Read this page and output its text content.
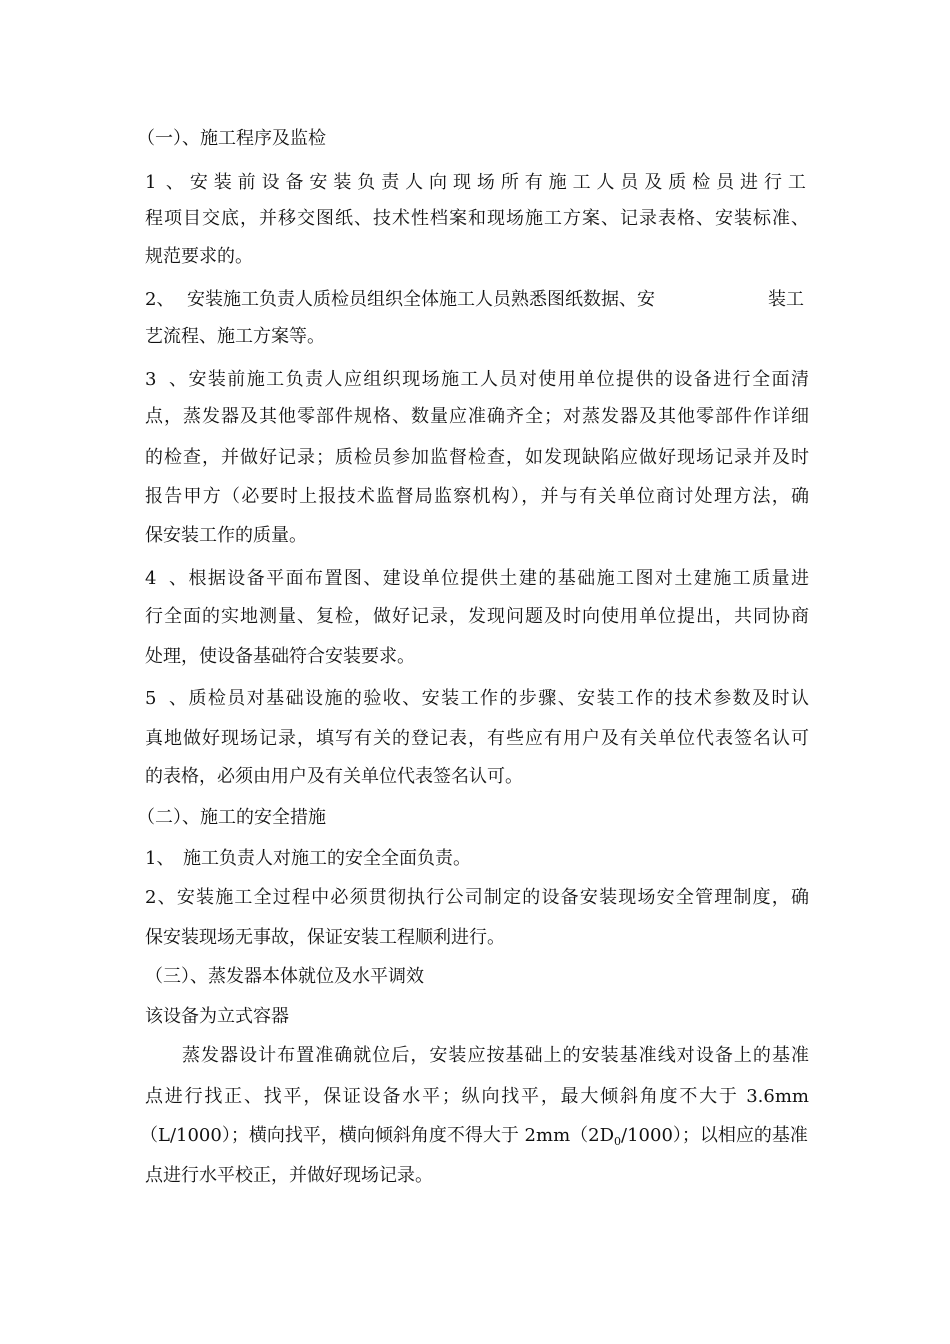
（一）、施工程序及监检
1、安装前设备安装负责人向现场所有施工人员及质检员进行工
程项目交底，并移交图纸、技术性档案和现场施工方案、记录表格、安装标准、
规范要求的。
2、 安装施工负责人质检员组织全体施工人员熟悉图纸数据、安	装工
艺流程、施工方案等。
3、安装前施工负责人应组织现场施工人员对使用单位提供的设备进行全面清
点，蒸发器及其他零部件规格、数量应准确齐全；对蒸发器及其他零部件作详细
的检查，并做好记录；质检员参加监督检查，如发现缺陷应做好现场记录并及时
报告甲方（必要时上报技术监督局监察机构），并与有关单位商讨处理方法，确
保安装工作的质量。
4、根据设备平面布置图、建设单位提供土建的基础施工图对土建施工质量进
行全面的实地测量、复检，做好记录，发现问题及时向使用单位提出，共同协商
处理，使设备基础符合安装要求。
5、质检员对基础设施的验收、安装工作的步骤、安装工作的技术参数及时认
真地做好现场记录，填写有关的登记表，有些应有用户及有关单位代表签名认可
的表格，必须由用户及有关单位代表签名认可。
（二）、施工的安全措施
1、 施工负责人对施工的安全全面负责。
2、安装施工全过程中必须贯彻执行公司制定的设备安装现场安全管理制度，确
保安装现场无事故，保证安装工程顺利进行。
（三）、蒸发器本体就位及水平调效
该设备为立式容器
蒸发器设计布置准确就位后，安装应按基础上的安装基准线对设备上的基准
点进行找正、找平，保证设备水平；纵向找平，最大倾斜角度不大于 3.6mm
（L/1000）；横向找平，横向倾斜角度不得大于 $2mm(2D_0/1000)$；以相应的基准
点进行水平校正，并做好现场记录。
